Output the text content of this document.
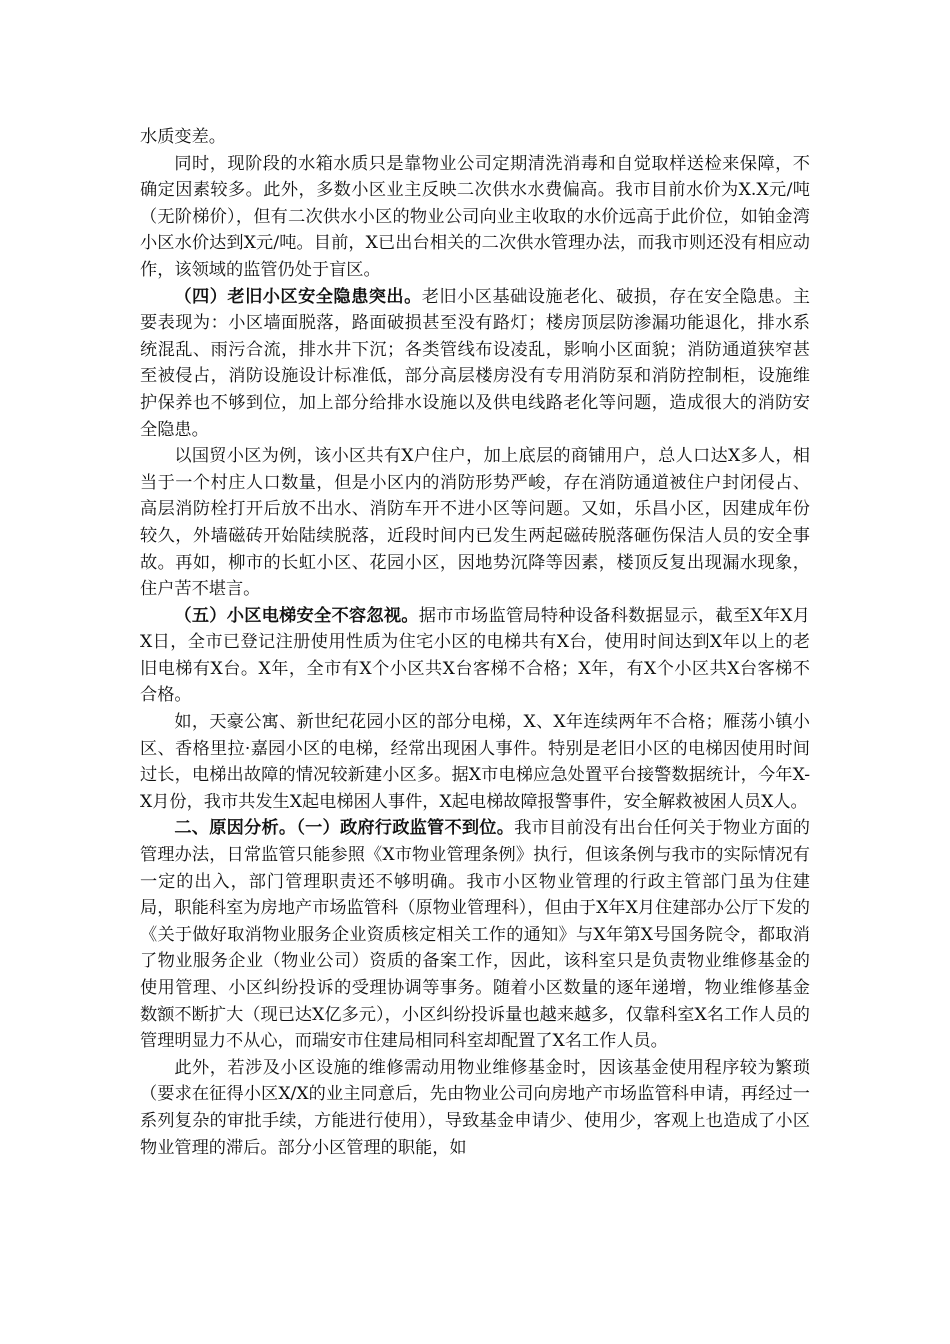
水质变差。

同时，现阶段的水箱水质只是靠物业公司定期清洗消毒和自觉取样送检来保障，不确定因素较多。此外，多数小区业主反映二次供水水费偏高。我市目前水价为X.X元/吨（无阶梯价），但有二次供水小区的物业公司向业主收取的水价远高于此价位，如铂金湾小区水价达到X元/吨。目前，X已出台相关的二次供水管理办法，而我市则还没有相应动作，该领域的监管仍处于盲区。

（四）老旧小区安全隐患突出。老旧小区基础设施老化、破损，存在安全隐患。主要表现为：小区墙面脱落，路面破损甚至没有路灯；楼房顶层防渗漏功能退化，排水系统混乱、雨污合流，排水井下沉；各类管线布设凌乱，影响小区面貌；消防通道狭窄甚至被侵占，消防设施设计标准低，部分高层楼房没有专用消防泵和消防控制柜，设施维护保养也不够到位，加上部分给排水设施以及供电线路老化等问题，造成很大的消防安全隐患。

以国贸小区为例，该小区共有X户住户，加上底层的商铺用户，总人口达X多人，相当于一个村庄人口数量，但是小区内的消防形势严峻，存在消防通道被住户封闭侵占、高层消防栓打开后放不出水、消防车开不进小区等问题。又如，乐昌小区，因建成年份较久，外墙磁砖开始陆续脱落，近段时间内已发生两起磁砖脱落砸伤保洁人员的安全事故。再如，柳市的长虹小区、花园小区，因地势沉降等因素，楼顶反复出现漏水现象，住户苦不堪言。

（五）小区电梯安全不容忽视。据市市场监管局特种设备科数据显示，截至X年X月X日，全市已登记注册使用性质为住宅小区的电梯共有X台，使用时间达到X年以上的老旧电梯有X台。X年，全市有X个小区共X台客梯不合格；X年，有X个小区共X台客梯不合格。

如，天豪公寓、新世纪花园小区的部分电梯，X、X年连续两年不合格；雁荡小镇小区、香格里拉·嘉园小区的电梯，经常出现困人事件。特别是老旧小区的电梯因使用时间过长，电梯出故障的情况较新建小区多。据X市电梯应急处置平台接警数据统计，今年X-X月份，我市共发生X起电梯困人事件，X起电梯故障报警事件，安全解救被困人员X人。

二、原因分析。（一）政府行政监管不到位。我市目前没有出台任何关于物业方面的管理办法，日常监管只能参照《X市物业管理条例》执行，但该条例与我市的实际情况有一定的出入，部门管理职责还不够明确。我市小区物业管理的行政主管部门虽为住建局，职能科室为房地产市场监管科（原物业管理科），但由于X年X月住建部办公厅下发的《关于做好取消物业服务企业资质核定相关工作的通知》与X年第X号国务院令，都取消了物业服务企业（物业公司）资质的备案工作，因此，该科室只是负责物业维修基金的使用管理、小区纠纷投诉的受理协调等事务。随着小区数量的逐年递增，物业维修基金数额不断扩大（现已达X亿多元），小区纠纷投诉量也越来越多，仅靠科室X名工作人员的管理明显力不从心，而瑞安市住建局相同科室却配置了X名工作人员。

此外，若涉及小区设施的维修需动用物业维修基金时，因该基金使用程序较为繁琐（要求在征得小区X/X的业主同意后，先由物业公司向房地产市场监管科申请，再经过一系列复杂的审批手续，方能进行使用），导致基金申请少、使用少，客观上也造成了小区物业管理的滞后。部分小区管理的职能，如
